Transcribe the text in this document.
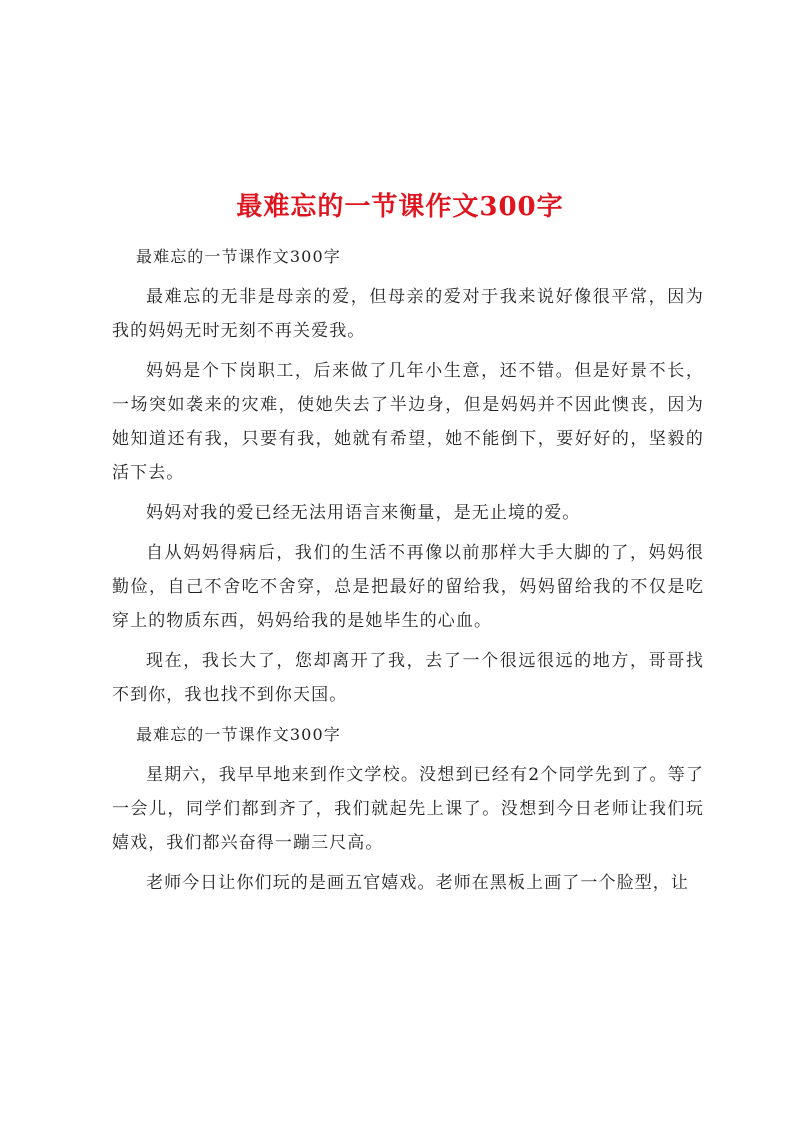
最难忘的一节课作文300字

最难忘的一节课作文300字

最难忘的无非是母亲的爱，但母亲的爱对于我来说好像很平常，因为我的妈妈无时无刻不再关爱我。

妈妈是个下岗职工，后来做了几年小生意，还不错。但是好景不长，一场突如袭来的灾难，使她失去了半边身，但是妈妈并不因此懊丧，因为她知道还有我，只要有我，她就有希望，她不能倒下，要好好的，坚毅的活下去。

妈妈对我的爱已经无法用语言来衡量，是无止境的爱。

自从妈妈得病后，我们的生活不再像以前那样大手大脚的了，妈妈很勤俭，自己不舍吃不舍穿，总是把最好的留给我，妈妈留给我的不仅是吃穿上的物质东西，妈妈给我的是她毕生的心血。

现在，我长大了，您却离开了我，去了一个很远很远的地方，哥哥找不到你，我也找不到你天国。

最难忘的一节课作文300字

星期六，我早早地来到作文学校。没想到已经有2个同学先到了。等了一会儿，同学们都到齐了，我们就起先上课了。没想到今日老师让我们玩嬉戏，我们都兴奋得一蹦三尺高。

老师今日让你们玩的是画五官嬉戏。老师在黑板上画了一个脸型，让
